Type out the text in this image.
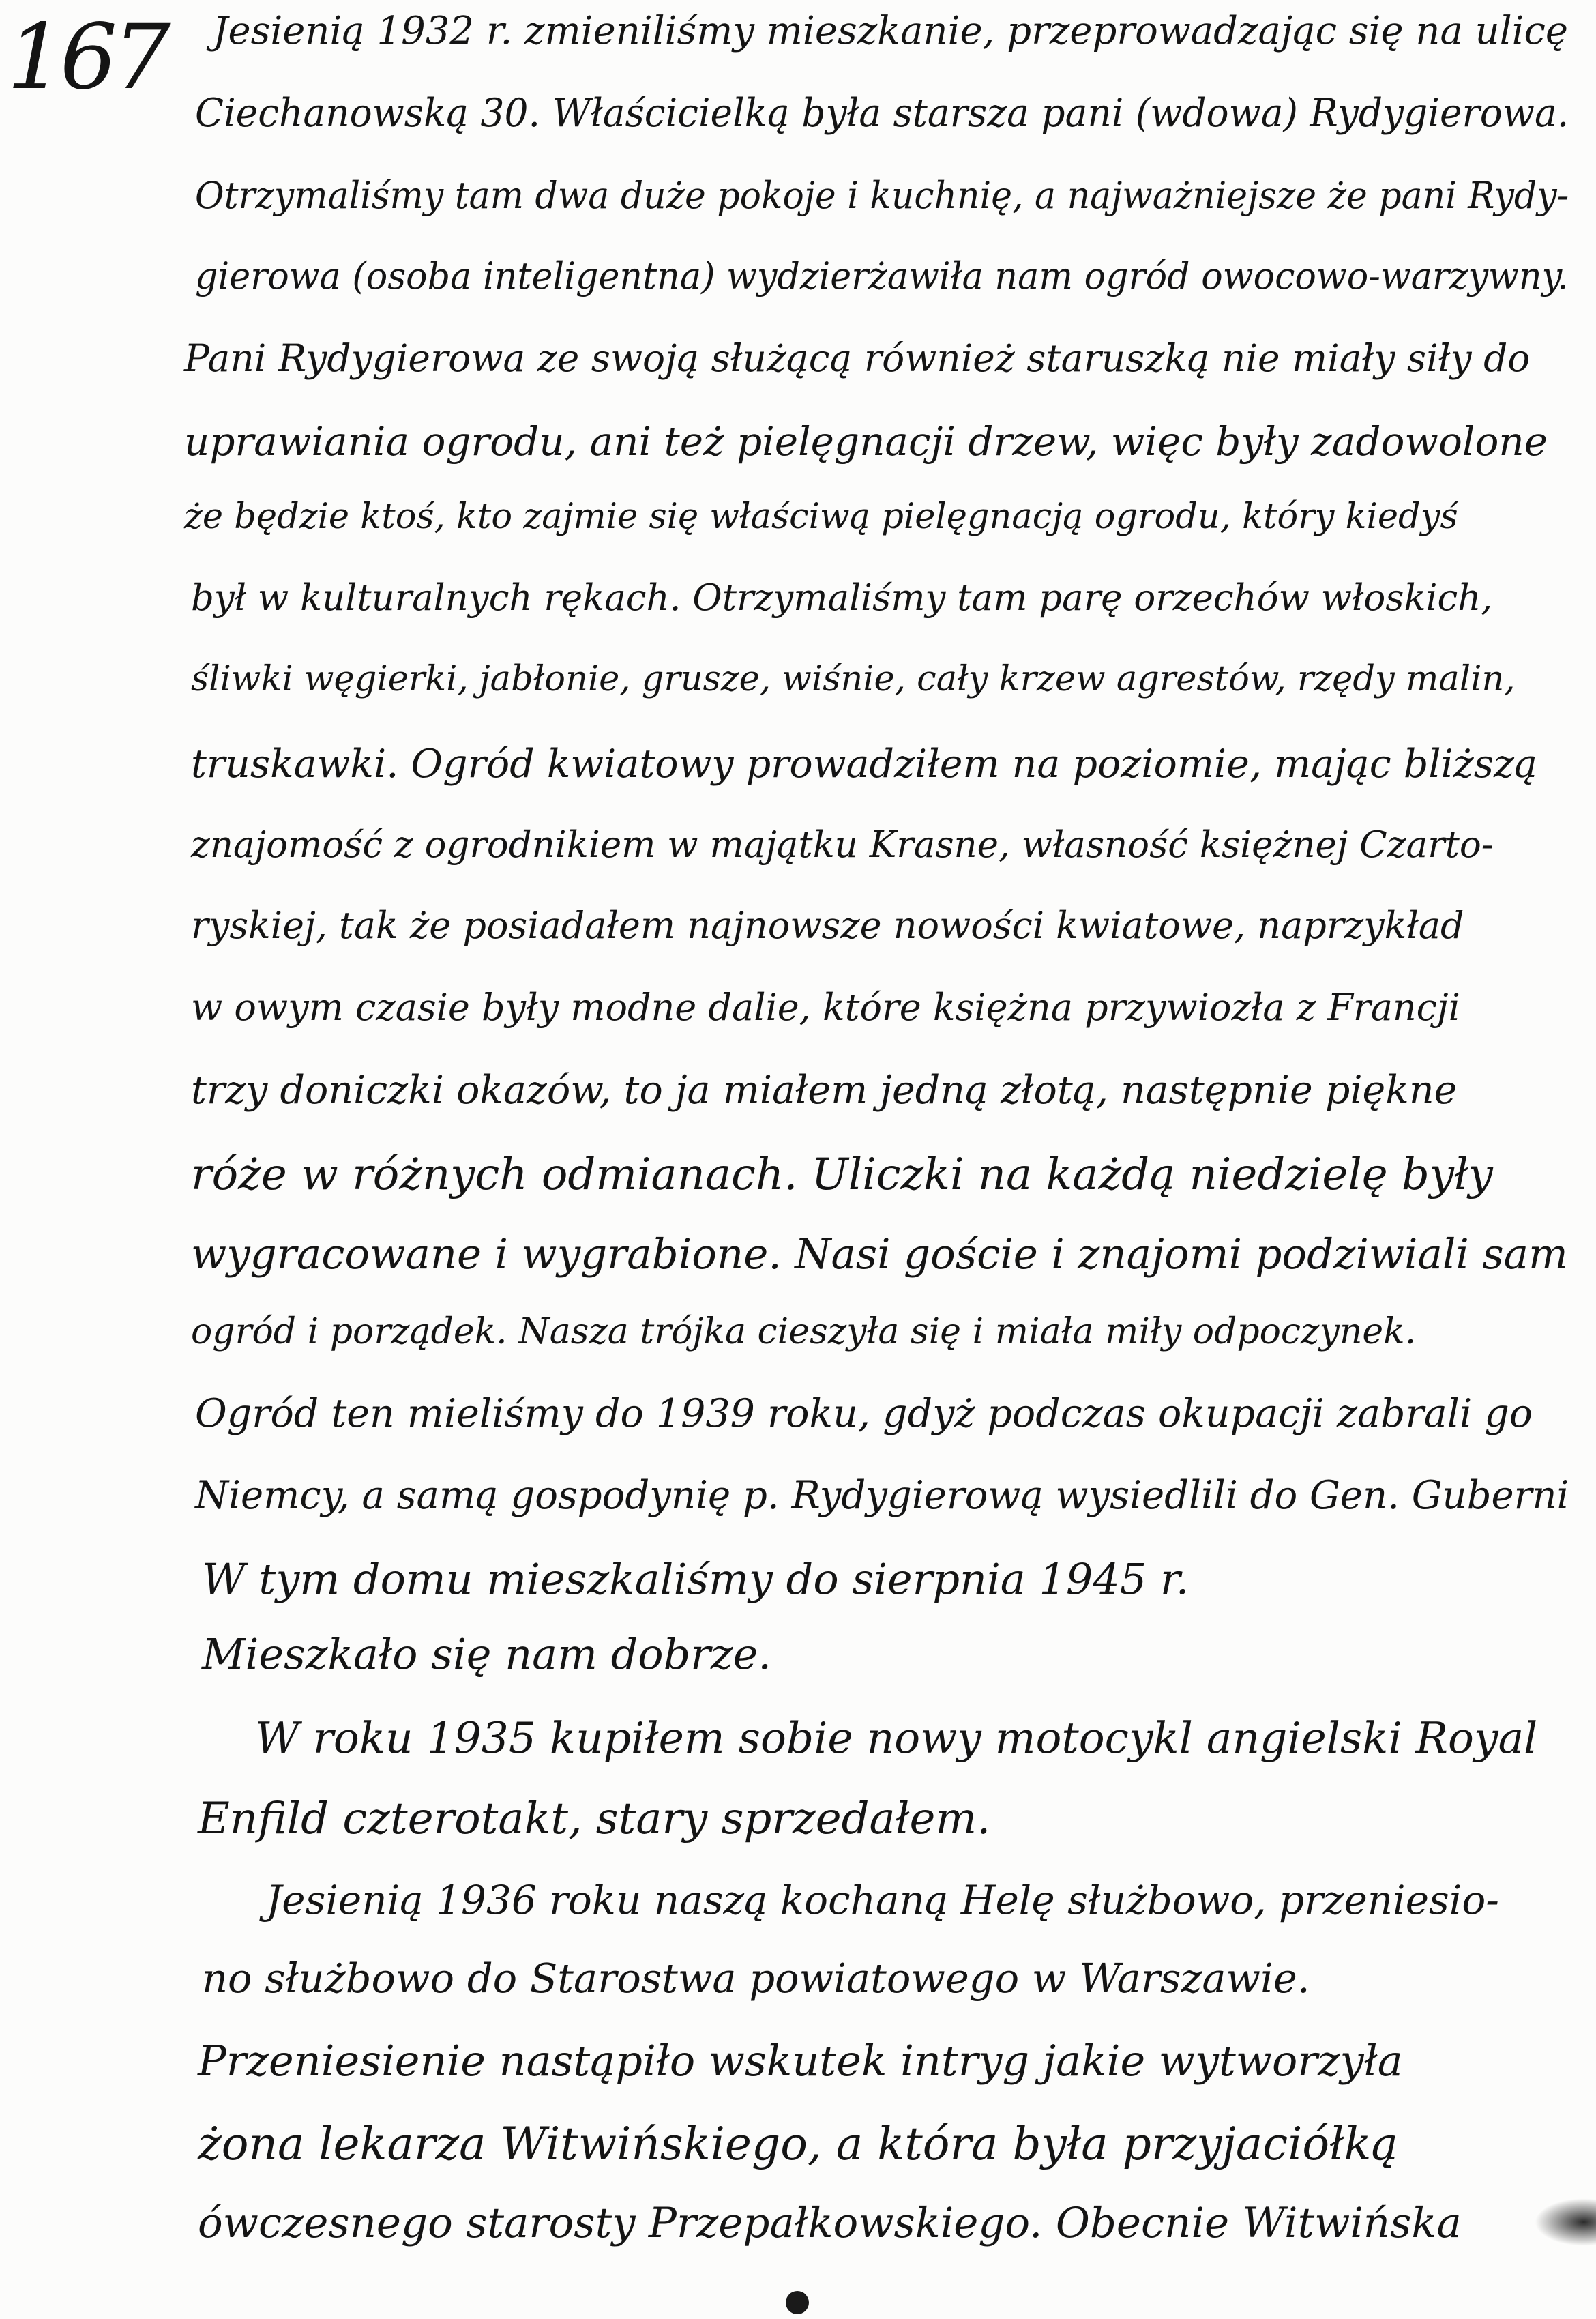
167 Jesienią 1932 r. zmieniliśmy mieszkanie, przeprowadzając się na ulicę
Ciechanowską 30. Właścicielką była starsza pani (wdowa) Rydygierowa.
Otrzymaliśmy tam dwa duże pokoje i kuchnię, a najważniejsze że pani Rydy-
gierowa (osoba inteligentna) wydzierżawiła nam ogród owocowo-warzywny.
Pani Rydygierowa ze swoją służącą również staruszką nie miały siły do
uprawiania ogrodu, ani też pielęgnacji drzew, więc były zadowolone
że będzie ktoś, kto zajmie się właściwą pielęgnacją ogrodu, który kiedyś
był w kulturalnych rękach. Otrzymaliśmy tam parę orzechów włoskich,
śliwki węgierki, jabłonie, grusze, wiśnie, cały krzew agrestów, rzędy malin,
truskawki. Ogród kwiatowy prowadziłem na poziomie, mając bliższą
znajomość z ogrodnikiem w majątku Krasne, własność księżnej Czarto-
ryskiej, tak że posiadałem najnowsze nowości kwiatowe, naprzykład
w owym czasie były modne dalie, które księżna przywiozła z Francji
trzy doniczki okazów, to ja miałem jedną złotą, następnie piękne
róże w różnych odmianach. Uliczki na każdą niedzielę były
wygracowane i wygrabione. Nasi goście i znajomi podziwiali sam
ogród i porządek. Nasza trójka cieszyła się i miała miły odpoczynek.
Ogród ten mieliśmy do 1939 roku, gdyż podczas okupacji zabrali go
Niemcy, a samą gospodynię p. Rydygierową wysiedlili do Gen. Guberni
W tym domu mieszkaliśmy do sierpnia 1945 r.
Mieszkało się nam dobrze.
W roku 1935 kupiłem sobie nowy motocykl angielski Royal
Enfild czterotakt, stary sprzedałem.
Jesienią 1936 roku naszą kochaną Helę służbowo, przeniesio-
no służbowo do Starostwa powiatowego w Warszawie.
Przeniesienie nastąpiło wskutek intryg jakie wytworzyła
żona lekarza Witwińskiego, a która była przyjaciółką
ówczesnego starosty Przepałkowskiego. Obecnie Witwińska
